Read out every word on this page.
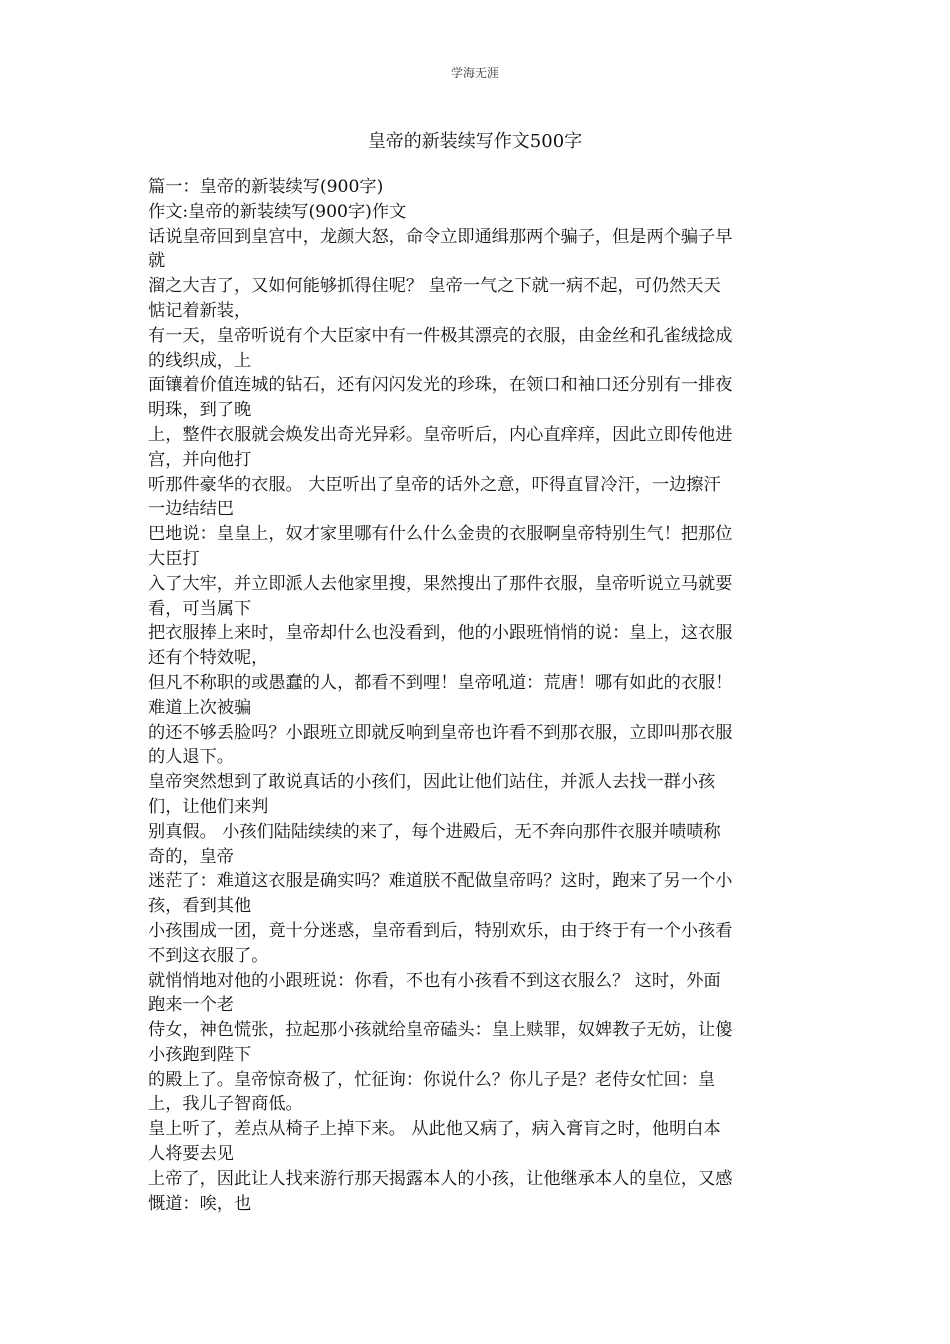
学海无涯
皇帝的新装续写作文500字
篇一：皇帝的新装续写(900字)
作文:皇帝的新装续写(900字)作文
话说皇帝回到皇宫中，龙颜大怒，命令立即通缉那两个骗子，但是两个骗子早
就
溜之大吉了，又如何能够抓得住呢？ 皇帝一气之下就一病不起，可仍然天天
惦记着新装，
有一天，皇帝听说有个大臣家中有一件极其漂亮的衣服，由金丝和孔雀绒捻成
的线织成，上
面镶着价值连城的钻石，还有闪闪发光的珍珠，在领口和袖口还分别有一排夜
明珠，到了晚
上，整件衣服就会焕发出奇光异彩。皇帝听后，内心直痒痒，因此立即传他进
宫，并向他打
听那件豪华的衣服。 大臣听出了皇帝的话外之意，吓得直冒冷汗，一边擦汗
一边结结巴
巴地说：皇皇上，奴才家里哪有什么什么金贵的衣服啊皇帝特别生气！把那位
大臣打
入了大牢，并立即派人去他家里搜，果然搜出了那件衣服，皇帝听说立马就要
看，可当属下
把衣服捧上来时，皇帝却什么也没看到，他的小跟班悄悄的说：皇上，这衣服
还有个特效呢，
但凡不称职的或愚蠢的人，都看不到哩！皇帝吼道：荒唐！哪有如此的衣服！
难道上次被骗
的还不够丢脸吗？小跟班立即就反响到皇帝也许看不到那衣服，立即叫那衣服
的人退下。
皇帝突然想到了敢说真话的小孩们，因此让他们站住，并派人去找一群小孩
们，让他们来判
别真假。 小孩们陆陆续续的来了，每个进殿后，无不奔向那件衣服并啧啧称
奇的，皇帝
迷茫了：难道这衣服是确实吗？难道朕不配做皇帝吗？这时，跑来了另一个小
孩，看到其他
小孩围成一团，竟十分迷惑，皇帝看到后，特别欢乐，由于终于有一个小孩看
不到这衣服了。
就悄悄地对他的小跟班说：你看，不也有小孩看不到这衣服么？ 这时，外面
跑来一个老
侍女，神色慌张，拉起那小孩就给皇帝磕头：皇上赎罪，奴婢教子无妨，让傻
小孩跑到陛下
的殿上了。皇帝惊奇极了，忙征询：你说什么？你儿子是？老侍女忙回：皇
上，我儿子智商低。
皇上听了，差点从椅子上掉下来。 从此他又病了，病入膏肓之时，他明白本
人将要去见
上帝了，因此让人找来游行那天揭露本人的小孩，让他继承本人的皇位，又感
慨道：唉，也
